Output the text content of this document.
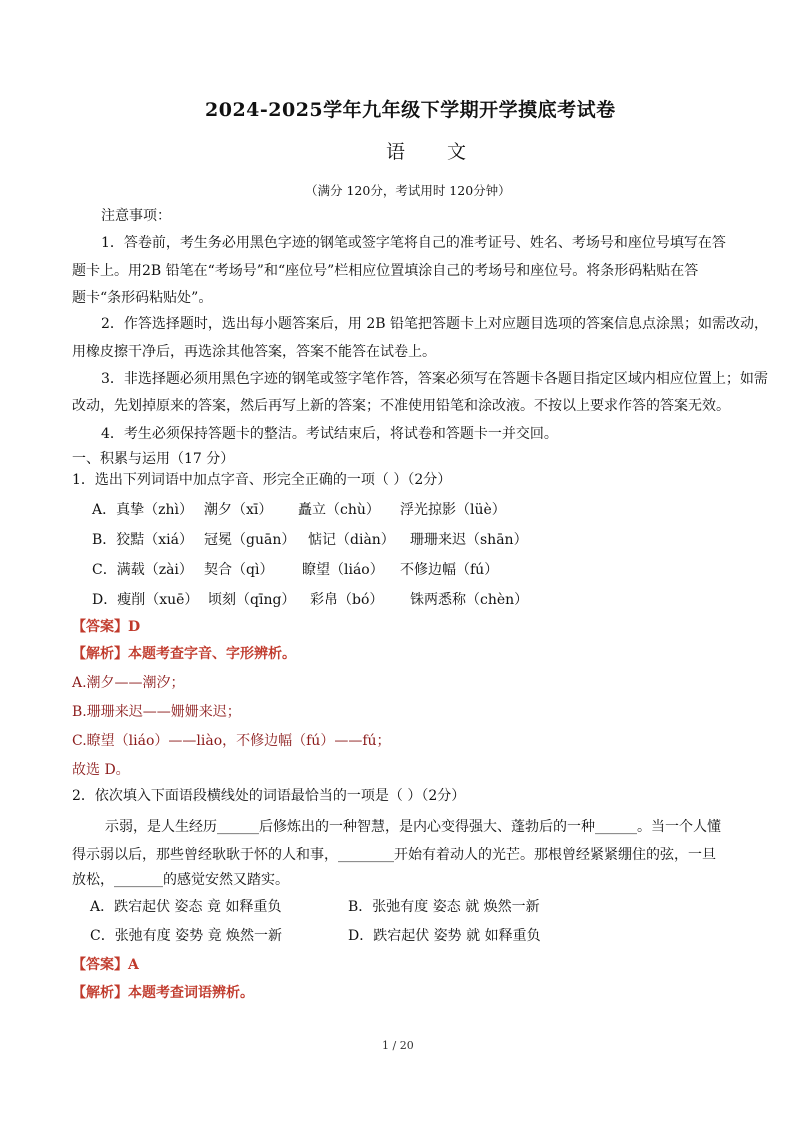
2024-2025学年九年级下学期开学摸底考试卷
语 文
（满分 120分，考试用时 120分钟）
注意事项：
1．答卷前，考生务必用黑色字迹的钢笔或签字笔将自己的准考证号、姓名、考场号和座位号填写在答
题卡上。用2B 铅笔在“考场号”和“座位号”栏相应位置填涂自己的考场号和座位号。将条形码粘贴在答
题卡“条形码粘贴处”。
2．作答选择题时，选出每小题答案后，用 2B 铅笔把答题卡上对应题目选项的答案信息点涂黑；如需改动，
用橡皮擦干净后，再选涂其他答案，答案不能答在试卷上。
3．非选择题必须用黑色字迹的钢笔或签字笔作答，答案必须写在答题卡各题目指定区域内相应位置上；如需
改动，先划掉原来的答案，然后再写上新的答案；不准使用铅笔和涂改液。不按以上要求作答的答案无效。
4．考生必须保持答题卡的整洁。考试结束后，将试卷和答题卡一并交回。
一、积累与运用（17 分）
1．选出下列词语中加点字音、形完全正确的一项（ ）（2分）
A．真挚（zhì） 潮夕（xī） 矗立（chù） 浮光掠影（lüè）
B．狡黠（xiá） 冠冕（guān） 惦记（diàn） 珊珊来迟（shān）
C．满载（zài） 契合（qì） 瞭望（liáo） 不修边幅（fú）
D．瘦削（xuē） 顷刻（qīng） 彩帛（bó） 铢两悉称（chèn）
【答案】D
【解析】本题考查字音、字形辨析。
A.潮夕——潮汐；
B.珊珊来迟——姗姗来迟；
C.瞭望（liáo）——liào，不修边幅（fú）——fú；
故选 D。
2．依次填入下面语段横线处的词语最恰当的一项是（ ）（2分）
示弱，是人生经历______后修炼出的一种智慧，是内心变得强大、蓬勃后的一种______。当一个人懂
得示弱以后，那些曾经耿耿于怀的人和事，________开始有着动人的光芒。那根曾经紧紧绷住的弦，一旦
放松，_______的感觉安然又踏实。
A．跌宕起伏 姿态 竟 如释重负	B．张弛有度 姿态 就 焕然一新
C．张弛有度 姿势 竟 焕然一新	D．跌宕起伏 姿势 就 如释重负
【答案】A
【解析】本题考查词语辨析。
1 / 20
